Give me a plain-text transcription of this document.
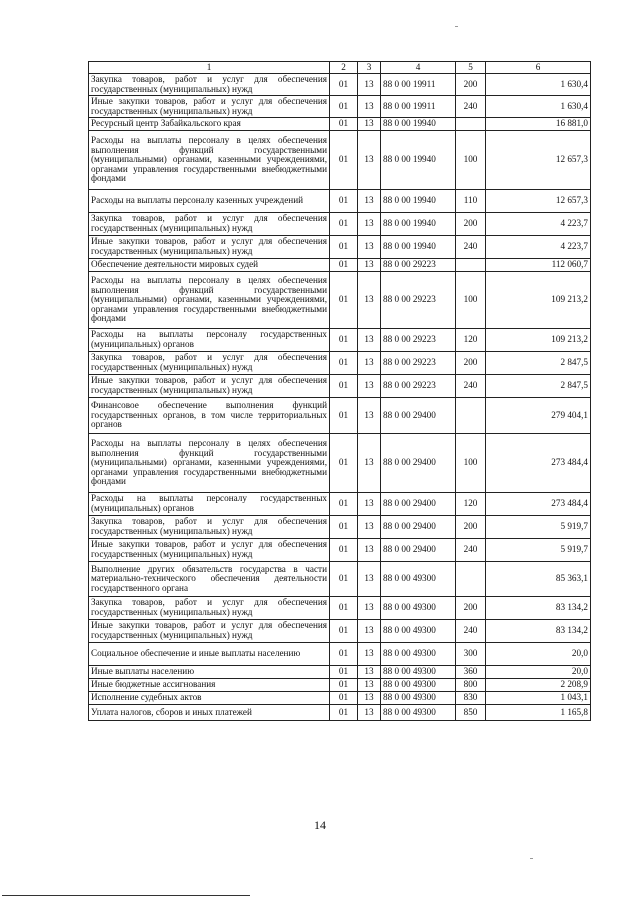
1	2	3	4	5	6
Закупка товаров, работ и услуг для обеспечения государственных (муниципальных) нужд	01	13	88 0 00 19911	200	1 630,4
Иные закупки товаров, работ и услуг для обеспечения государственных (муниципальных) нужд	01	13	88 0 00 19911	240	1 630,4
Ресурсный центр Забайкальского края	01	13	88 0 00 19940		16 881,0
Расходы на выплаты персоналу в целях обеспечения выполнения функций государственными (муниципальными) органами, казенными учреждениями, органами управления государственными внебюджетными фондами	01	13	88 0 00 19940	100	12 657,3
Расходы на выплаты персоналу казенных учреждений	01	13	88 0 00 19940	110	12 657,3
Закупка товаров, работ и услуг для обеспечения государственных (муниципальных) нужд	01	13	88 0 00 19940	200	4 223,7
Иные закупки товаров, работ и услуг для обеспечения государственных (муниципальных) нужд	01	13	88 0 00 19940	240	4 223,7
Обеспечение деятельности мировых судей	01	13	88 0 00 29223		112 060,7
Расходы на выплаты персоналу в целях обеспечения выполнения функций государственными (муниципальными) органами, казенными учреждениями, органами управления государственными внебюджетными фондами	01	13	88 0 00 29223	100	109 213,2
Расходы на выплаты персоналу государственных (муниципальных) органов	01	13	88 0 00 29223	120	109 213,2
Закупка товаров, работ и услуг для обеспечения государственных (муниципальных) нужд	01	13	88 0 00 29223	200	2 847,5
Иные закупки товаров, работ и услуг для обеспечения государственных (муниципальных) нужд	01	13	88 0 00 29223	240	2 847,5
Финансовое обеспечение выполнения функций государственных органов, в том числе территориальных органов	01	13	88 0 00 29400		279 404,1
Расходы на выплаты персоналу в целях обеспечения выполнения функций государственными (муниципальными) органами, казенными учреждениями, органами управления государственными внебюджетными фондами	01	13	88 0 00 29400	100	273 484,4
Расходы на выплаты персоналу государственных (муниципальных) органов	01	13	88 0 00 29400	120	273 484,4
Закупка товаров, работ и услуг для обеспечения государственных (муниципальных) нужд	01	13	88 0 00 29400	200	5 919,7
Иные закупки товаров, работ и услуг для обеспечения государственных (муниципальных) нужд	01	13	88 0 00 29400	240	5 919,7
Выполнение других обязательств государства в части материально-технического обеспечения деятельности государственного органа	01	13	88 0 00 49300		85 363,1
Закупка товаров, работ и услуг для обеспечения государственных (муниципальных) нужд	01	13	88 0 00 49300	200	83 134,2
Иные закупки товаров, работ и услуг для обеспечения государственных (муниципальных) нужд	01	13	88 0 00 49300	240	83 134,2
Социальное обеспечение и иные выплаты населению	01	13	88 0 00 49300	300	20,0
Иные выплаты населению	01	13	88 0 00 49300	360	20,0
Иные бюджетные ассигнования	01	13	88 0 00 49300	800	2 208,9
Исполнение судебных актов	01	13	88 0 00 49300	830	1 043,1
Уплата налогов, сборов и иных платежей	01	13	88 0 00 49300	850	1 165,8
14
